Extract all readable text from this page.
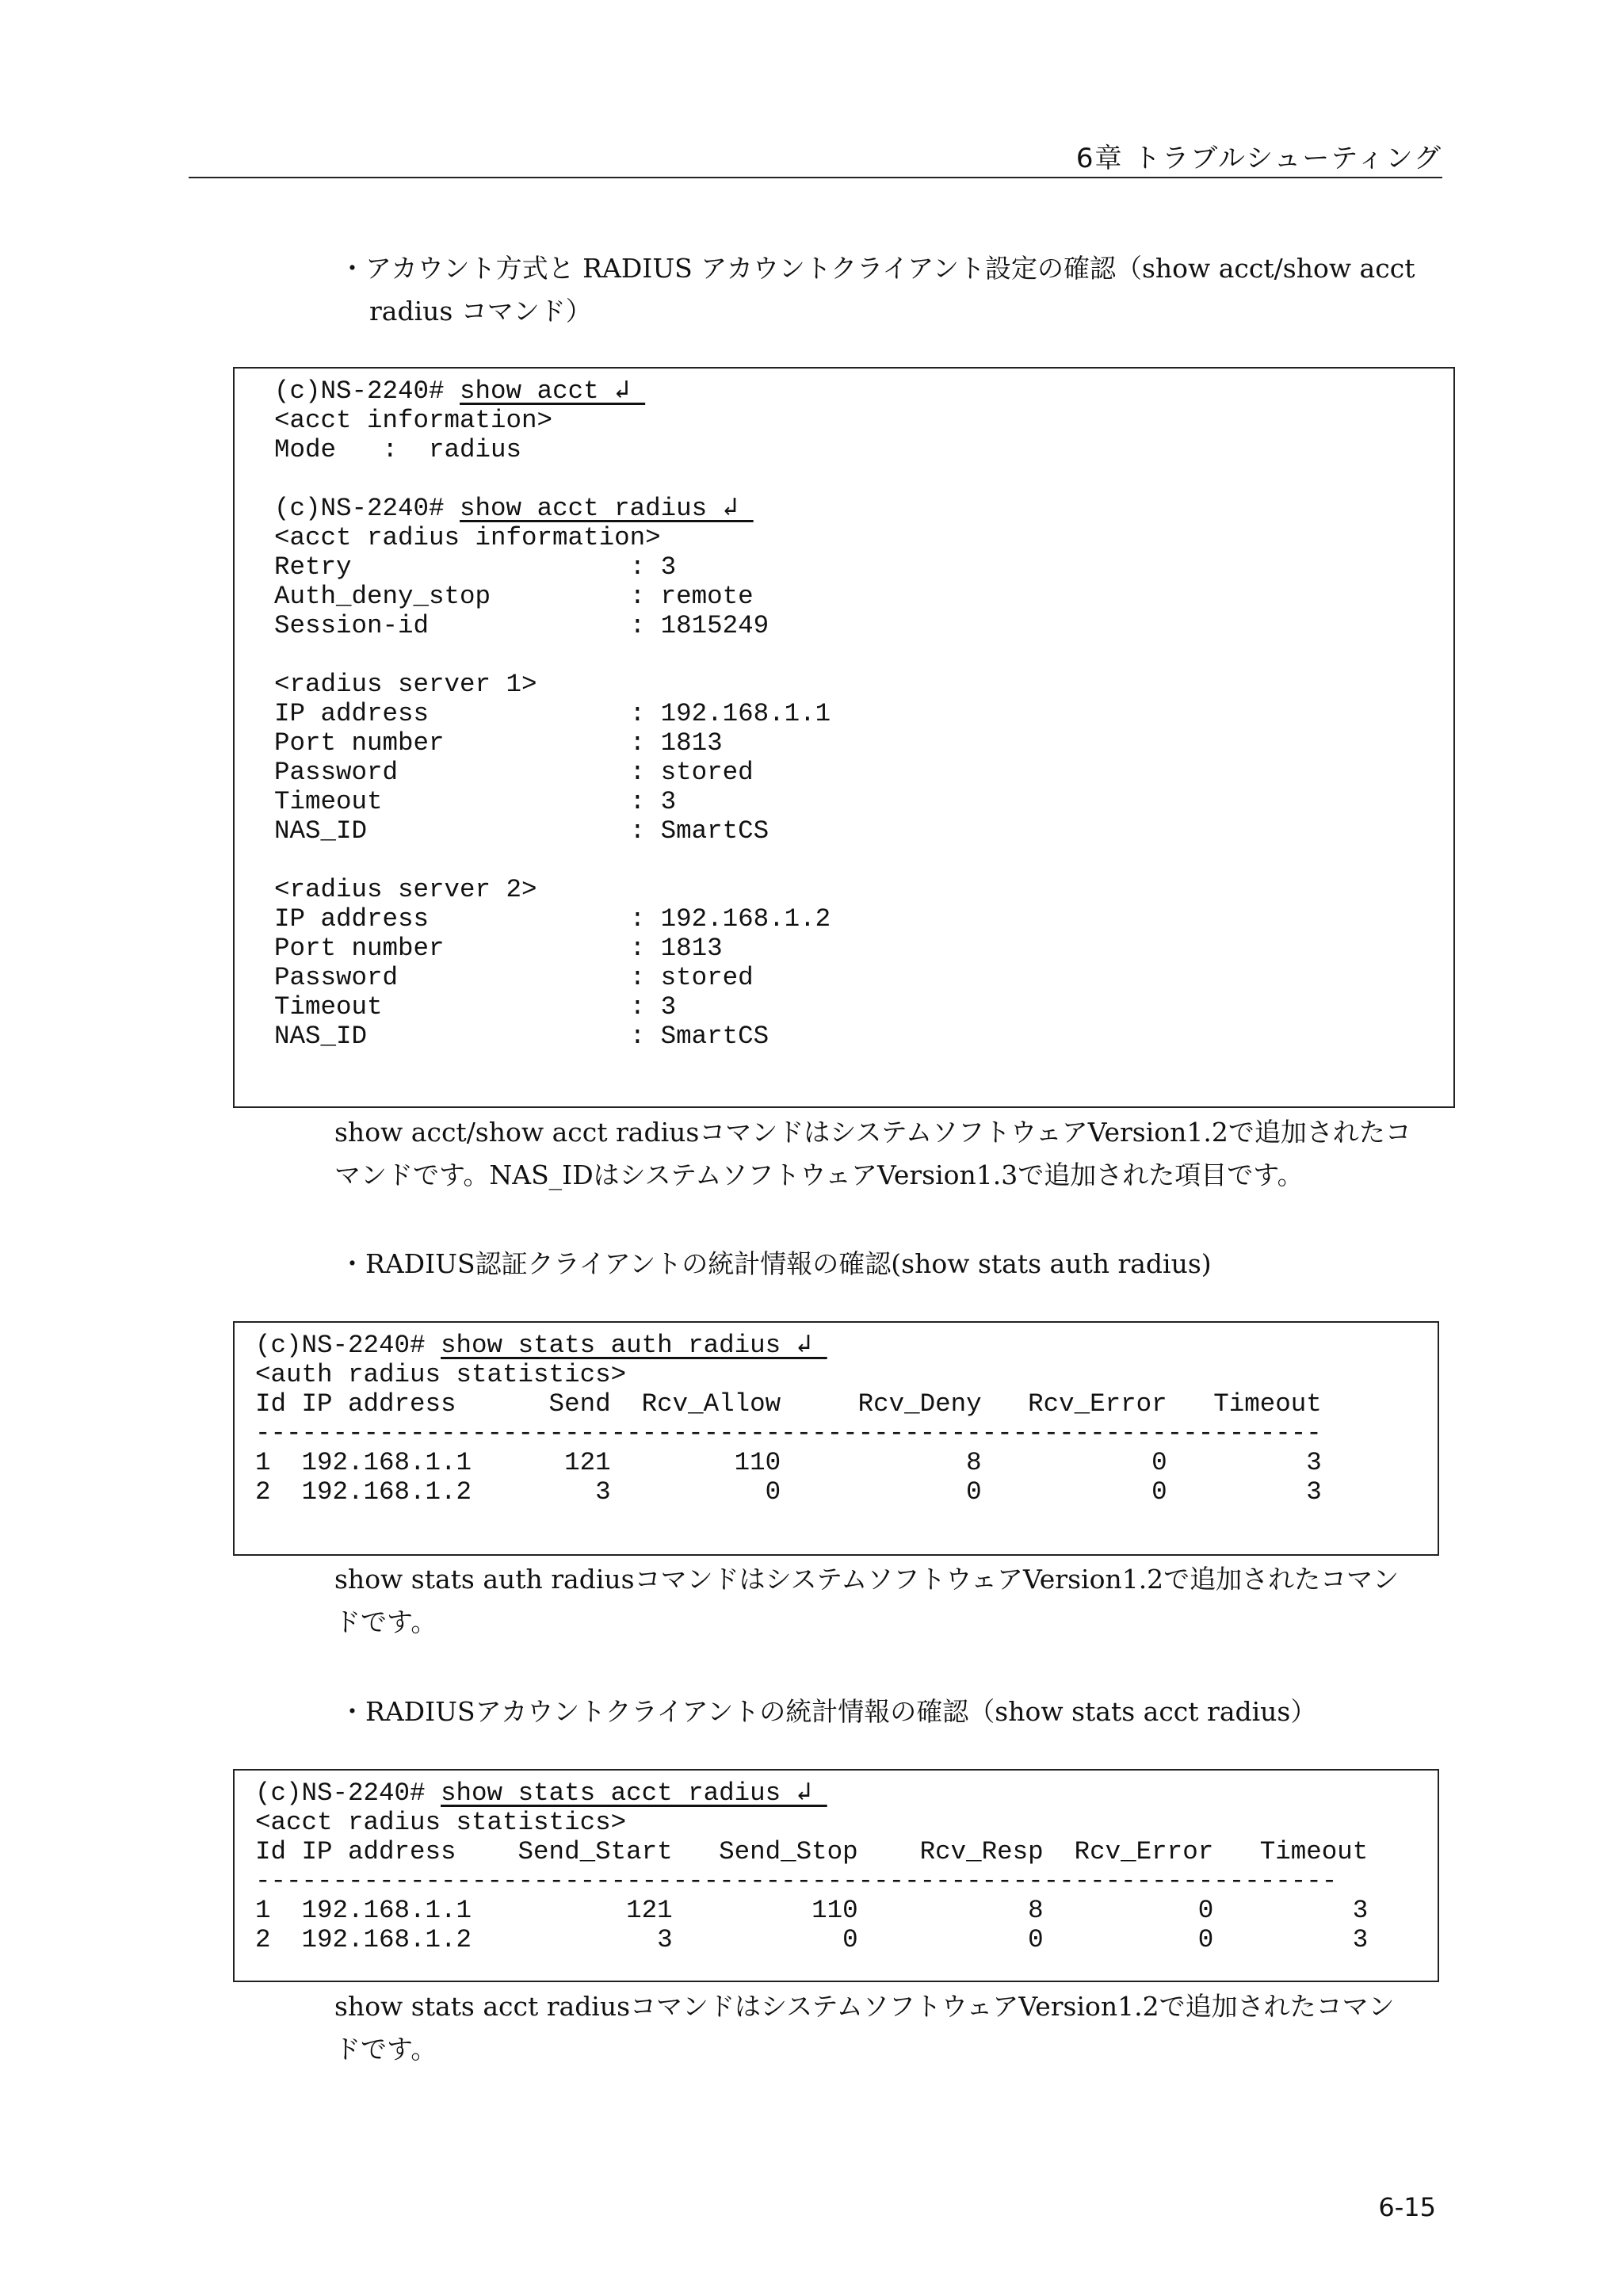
6章 トラブルシューティング
・アカウント方式と RADIUS アカウントクライアント設定の確認（show acct/show acct
radius コマンド）
(c)NS-2240# show acct ↲
<acct information>
Mode   :  radius

(c)NS-2240# show acct radius ↲
<acct radius information>
Retry                  : 3
Auth_deny_stop         : remote
Session-id             : 1815249

<radius server 1>
IP address             : 192.168.1.1
Port number            : 1813
Password               : stored
Timeout                : 3
NAS_ID                 : SmartCS

<radius server 2>
IP address             : 192.168.1.2
Port number            : 1813
Password               : stored
Timeout                : 3
NAS_ID                 : SmartCS
show acct/show acct radiusコマンドはシステムソフトウェアVersion1.2で追加されたコ
マンドです。NAS_IDはシステムソフトウェアVersion1.3で追加された項目です。
・RADIUS認証クライアントの統計情報の確認(show stats auth radius)
(c)NS-2240# show stats auth radius ↲
<auth radius statistics>
Id IP address      Send  Rcv_Allow     Rcv_Deny   Rcv_Error   Timeout
---------------------------------------------------------------------
1  192.168.1.1      121        110            8           0         3
2  192.168.1.2        3          0            0           0         3
show stats auth radiusコマンドはシステムソフトウェアVersion1.2で追加されたコマン
ドです。
・RADIUSアカウントクライアントの統計情報の確認（show stats acct radius）
(c)NS-2240# show stats acct radius ↲
<acct radius statistics>
Id IP address    Send_Start   Send_Stop    Rcv_Resp  Rcv_Error   Timeout
----------------------------------------------------------------------
1  192.168.1.1          121         110           8          0         3
2  192.168.1.2            3           0           0          0         3
show stats acct radiusコマンドはシステムソフトウェアVersion1.2で追加されたコマン
ドです。
6-15
